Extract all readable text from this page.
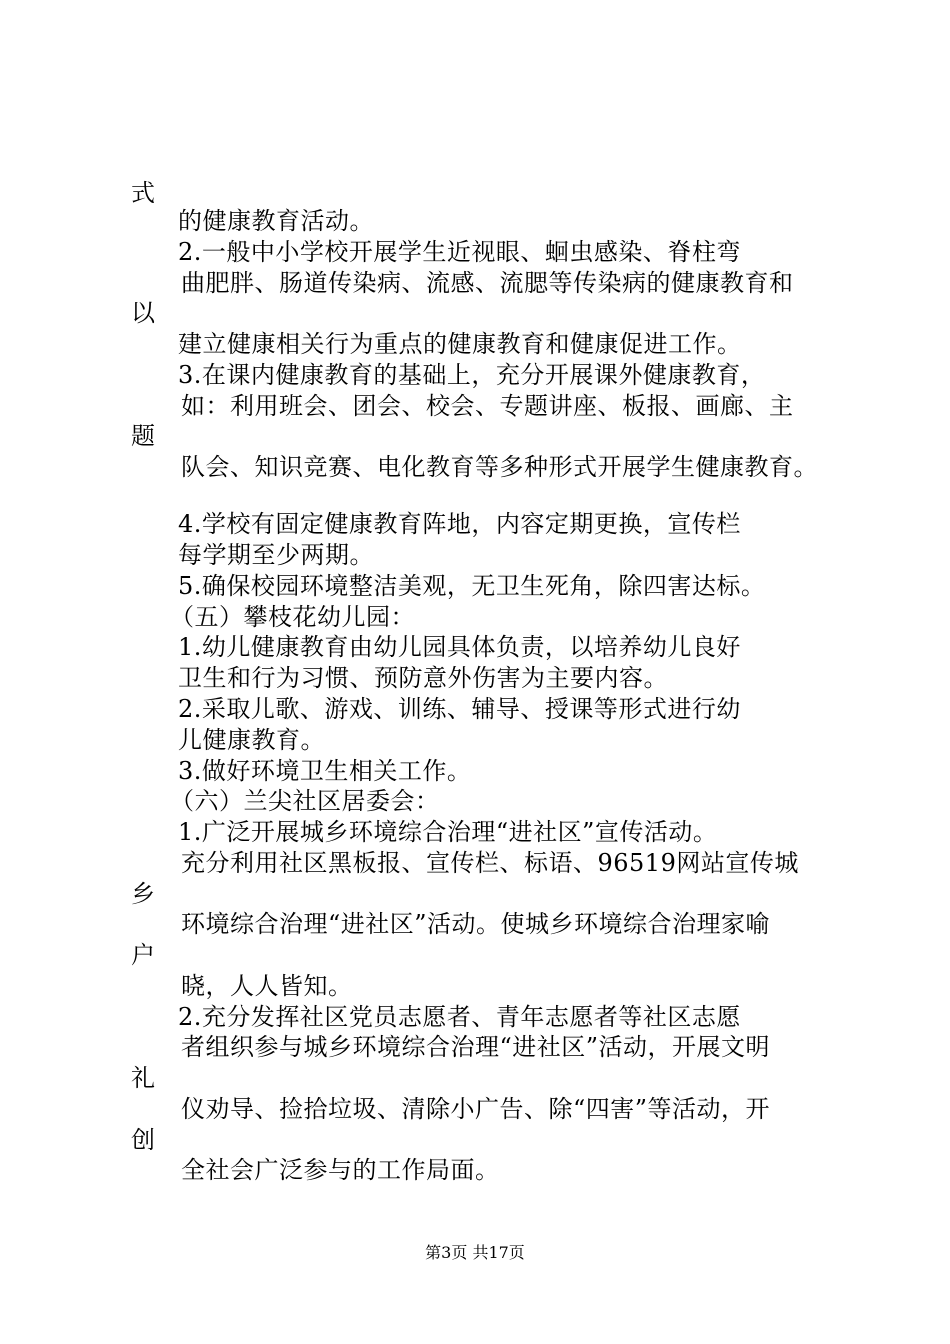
式
的健康教育活动。
2.一般中小学校开展学生近视眼、蛔虫感染、脊柱弯
曲肥胖、肠道传染病、流感、流腮等传染病的健康教育和
以
建立健康相关行为重点的健康教育和健康促进工作。
3.在课内健康教育的基础上，充分开展课外健康教育，
如：利用班会、团会、校会、专题讲座、板报、画廊、主
题
队会、知识竞赛、电化教育等多种形式开展学生健康教育。
4.学校有固定健康教育阵地，内容定期更换，宣传栏
每学期至少两期。
5.确保校园环境整洁美观，无卫生死角，除四害达标。
（五）攀枝花幼儿园：
1.幼儿健康教育由幼儿园具体负责，以培养幼儿良好
卫生和行为习惯、预防意外伤害为主要内容。
2.采取儿歌、游戏、训练、辅导、授课等形式进行幼
儿健康教育。
3.做好环境卫生相关工作。
（六）兰尖社区居委会：
1.广泛开展城乡环境综合治理“进社区”宣传活动。
充分利用社区黑板报、宣传栏、标语、96519网站宣传城
乡
环境综合治理“进社区”活动。使城乡环境综合治理家喻
户
晓，人人皆知。
2.充分发挥社区党员志愿者、青年志愿者等社区志愿
者组织参与城乡环境综合治理“进社区”活动，开展文明
礼
仪劝导、捡拾垃圾、清除小广告、除“四害”等活动，开
创
全社会广泛参与的工作局面。
第3页 共17页
